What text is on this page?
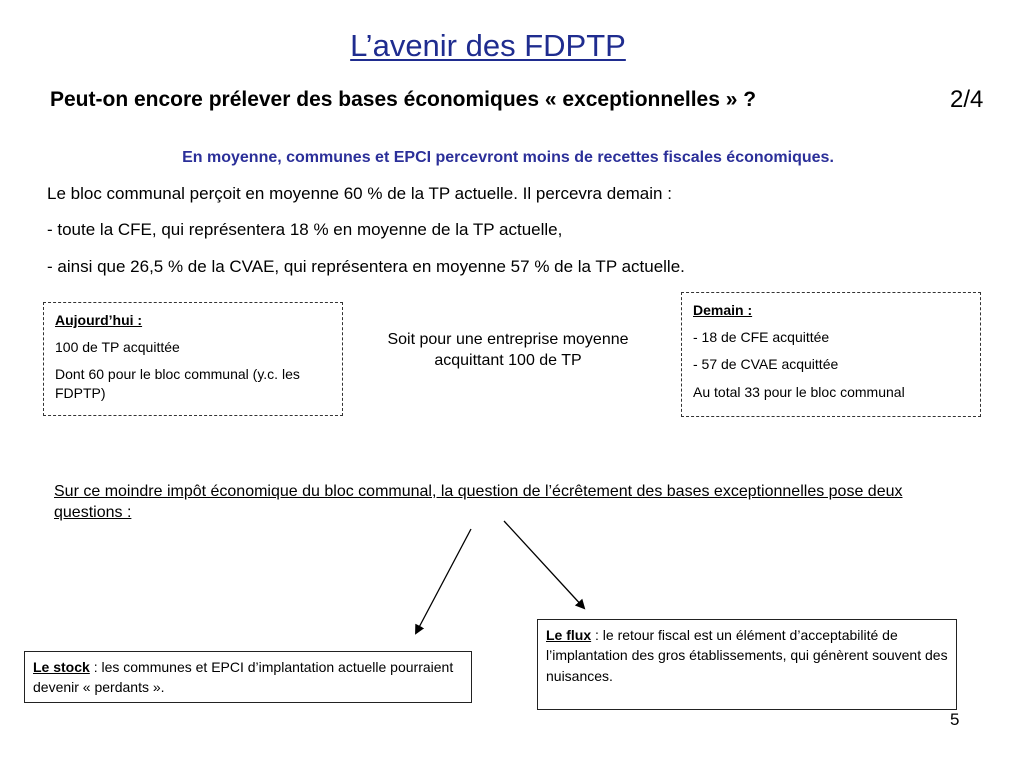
L’avenir des FDPTP
Peut-on encore prélever des bases économiques « exceptionnelles » ?	2/4
En moyenne, communes et EPCI percevront moins de recettes fiscales économiques.
Le bloc communal perçoit en moyenne 60 % de la TP actuelle. Il percevra demain :
- toute la CFE, qui représentera 18 % en moyenne de la TP actuelle,
- ainsi que 26,5 % de la CVAE, qui représentera en moyenne 57 % de la TP actuelle.

Aujourd’hui :

100 de TP acquittée

Dont 60 pour le bloc communal (y.c. les FDPTP)

Soit pour une entreprise moyenne acquittant 100 de TP

Demain :

- 18 de CFE acquittée

- 57 de CVAE acquittée

Au total 33 pour le bloc communal

Sur ce moindre impôt économique du bloc communal, la question de l’écrêtement des bases exceptionnelles pose deux questions :
Le stock : les communes et EPCI d’implantation actuelle pourraient devenir « perdants ».
Le flux : le retour fiscal est un élément d’acceptabilité de l’implantation des gros établissements, qui génèrent souvent des nuisances.
5
